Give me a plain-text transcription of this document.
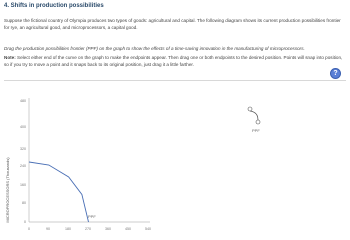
4. Shifts in production possibilities
Suppose the fictional country of Olympia produces two types of goods: agricultural and capital. The following diagram shows its current production possibilities frontier for rye, an agricultural good, and microprocessors, a capital good.
Drag the production possibilities frontier (PPF) on the graph to show the effects of a time-saving innovation in the manufacturing of microprocessors.
Note: Select either end of the curve on the graph to make the endpoints appear. Then drag one or both endpoints to the desired position. Points will snap into position, so if you try to move a point and it snaps back to its original position, just drag it a little farther.
?
MICROPROCESSORS (Thousands)
480
400
320
240
160
80
0
0	90	180	270	360	450	540
PPF
PPF
